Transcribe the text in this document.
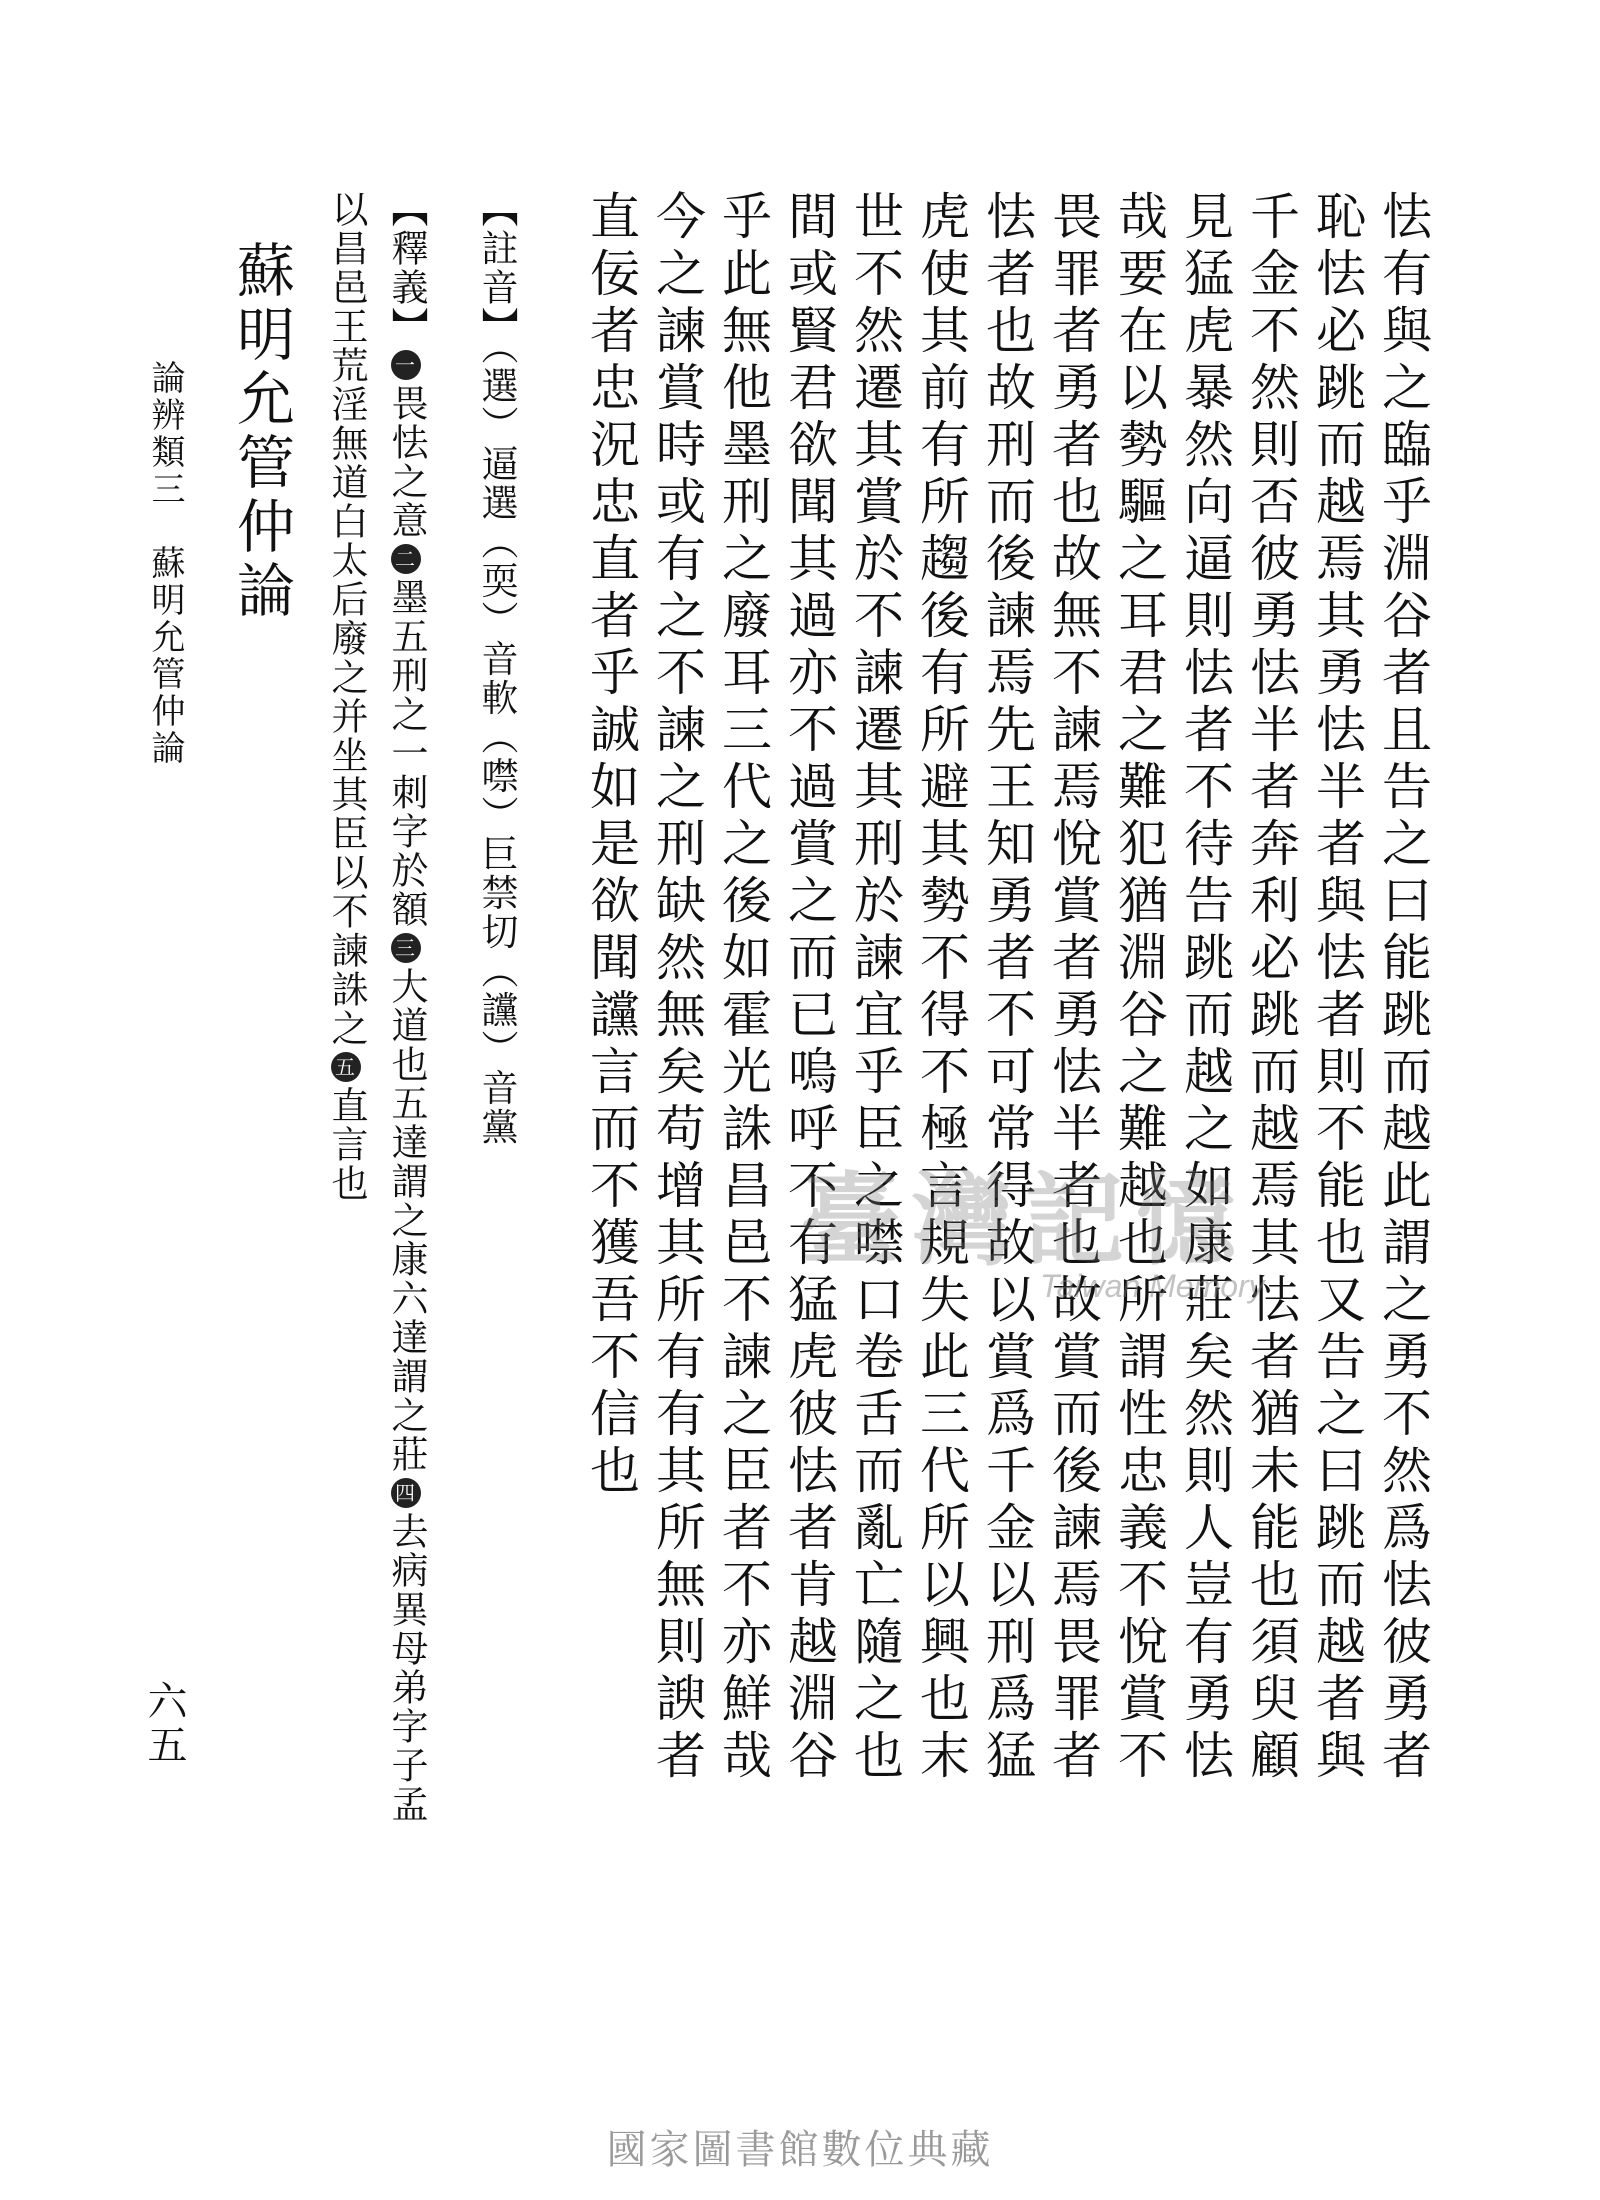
怯有與之臨乎淵谷者且告之曰能跳而越此謂之勇不然爲怯彼勇者
恥怯必跳而越焉其勇怯半者與怯者則不能也又告之曰跳而越者與
千金不然則否彼勇怯半者奔利必跳而越焉其怯者猶未能也須臾顧
見猛虎暴然向逼則怯者不待告跳而越之如康莊矣然則人豈有勇怯
哉要在以勢驅之耳君之難犯猶淵谷之難越也所謂性忠義不悅賞不
畏罪者勇者也故無不諫焉悅賞者勇怯半者也故賞而後諫焉畏罪者
怯者也故刑而後諫焉先王知勇者不可常得故以賞爲千金以刑爲猛
虎使其前有所趨後有所避其勢不得不極言規失此三代所以興也末
世不然遷其賞於不諫遷其刑於諫宜乎臣之噤口卷舌而亂亡隨之也
間或賢君欲聞其過亦不過賞之而已嗚呼不有猛虎彼怯者肯越淵谷
乎此無他墨刑之廢耳三代之後如霍光誅昌邑不諫之臣者不亦鮮哉
今之諫賞時或有之不諫之刑缺然無矣苟增其所有有其所無則諛者
直佞者忠況忠直者乎誠如是欲聞讜言而不獲吾不信也
【註音】（選）逼選（耎）音軟（噤）巨禁切（讜）音黨
【釋義】一畏怯之意二墨五刑之一刺字於額三大道也五達謂之康六達謂之莊四去病異母弟字子孟
以昌邑王荒淫無道白太后廢之并坐其臣以不諫誅之五直言也
蘇明允管仲論
論辨類三　蘇明允管仲論
六五
臺灣記憶
Taiwan Memory
國家圖書館數位典藏
